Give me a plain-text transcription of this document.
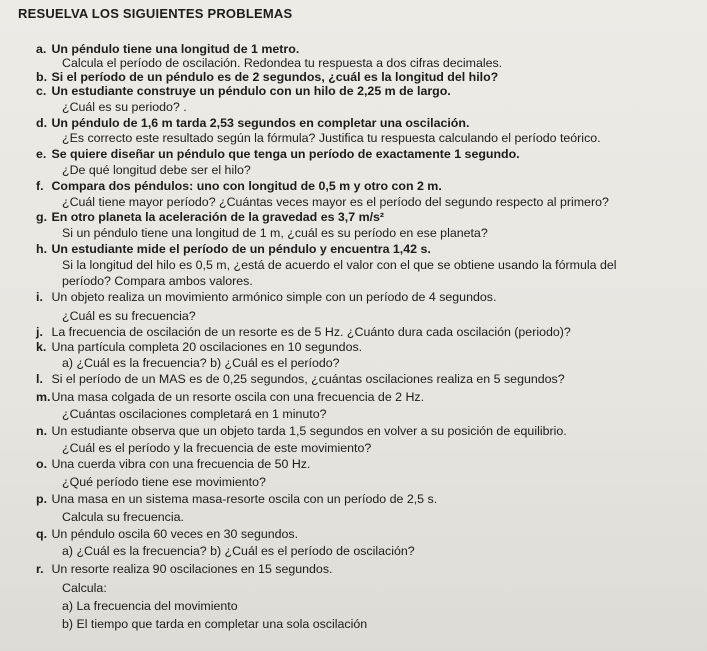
RESUELVA LOS SIGUIENTES PROBLEMAS
a. Un péndulo tiene una longitud de 1 metro.
Calcula el período de oscilación. Redondea tu respuesta a dos cifras decimales.
b. Si el período de un péndulo es de 2 segundos, ¿cuál es la longitud del hilo?
c. Un estudiante construye un péndulo con un hilo de 2,25 m de largo.
¿Cuál es su periodo? .
d. Un péndulo de 1,6 m tarda 2,53 segundos en completar una oscilación.
¿Es correcto este resultado según la fórmula? Justifica tu respuesta calculando el período teórico.
e. Se quiere diseñar un péndulo que tenga un período de exactamente 1 segundo.
¿De qué longitud debe ser el hilo?
f. Compara dos péndulos: uno con longitud de 0,5 m y otro con 2 m.
¿Cuál tiene mayor período? ¿Cuántas veces mayor es el período del segundo respecto al primero?
g. En otro planeta la aceleración de la gravedad es 3,7 m/s²
Si un péndulo tiene una longitud de 1 m, ¿cuál es su período en ese planeta?
h. Un estudiante mide el período de un péndulo y encuentra 1,42 s.
Si la longitud del hilo es 0,5 m, ¿está de acuerdo el valor con el que se obtiene usando la fórmula del
período? Compara ambos valores.
i. Un objeto realiza un movimiento armónico simple con un período de 4 segundos.
¿Cuál es su frecuencia?
j. La frecuencia de oscilación de un resorte es de 5 Hz. ¿Cuánto dura cada oscilación (periodo)?
k. Una partícula completa 20 oscilaciones en 10 segundos.
a) ¿Cuál es la frecuencia? b) ¿Cuál es el período?
l. Si el período de un MAS es de 0,25 segundos, ¿cuántas oscilaciones realiza en 5 segundos?
m. Una masa colgada de un resorte oscila con una frecuencia de 2 Hz.
¿Cuántas oscilaciones completará en 1 minuto?
n. Un estudiante observa que un objeto tarda 1,5 segundos en volver a su posición de equilibrio.
¿Cuál es el período y la frecuencia de este movimiento?
o. Una cuerda vibra con una frecuencia de 50 Hz.
¿Qué período tiene ese movimiento?
p. Una masa en un sistema masa-resorte oscila con un período de 2,5 s.
Calcula su frecuencia.
q. Un péndulo oscila 60 veces en 30 segundos.
a) ¿Cuál es la frecuencia? b) ¿Cuál es el período de oscilación?
r. Un resorte realiza 90 oscilaciones en 15 segundos.
Calcula:
a) La frecuencia del movimiento
b) El tiempo que tarda en completar una sola oscilación
